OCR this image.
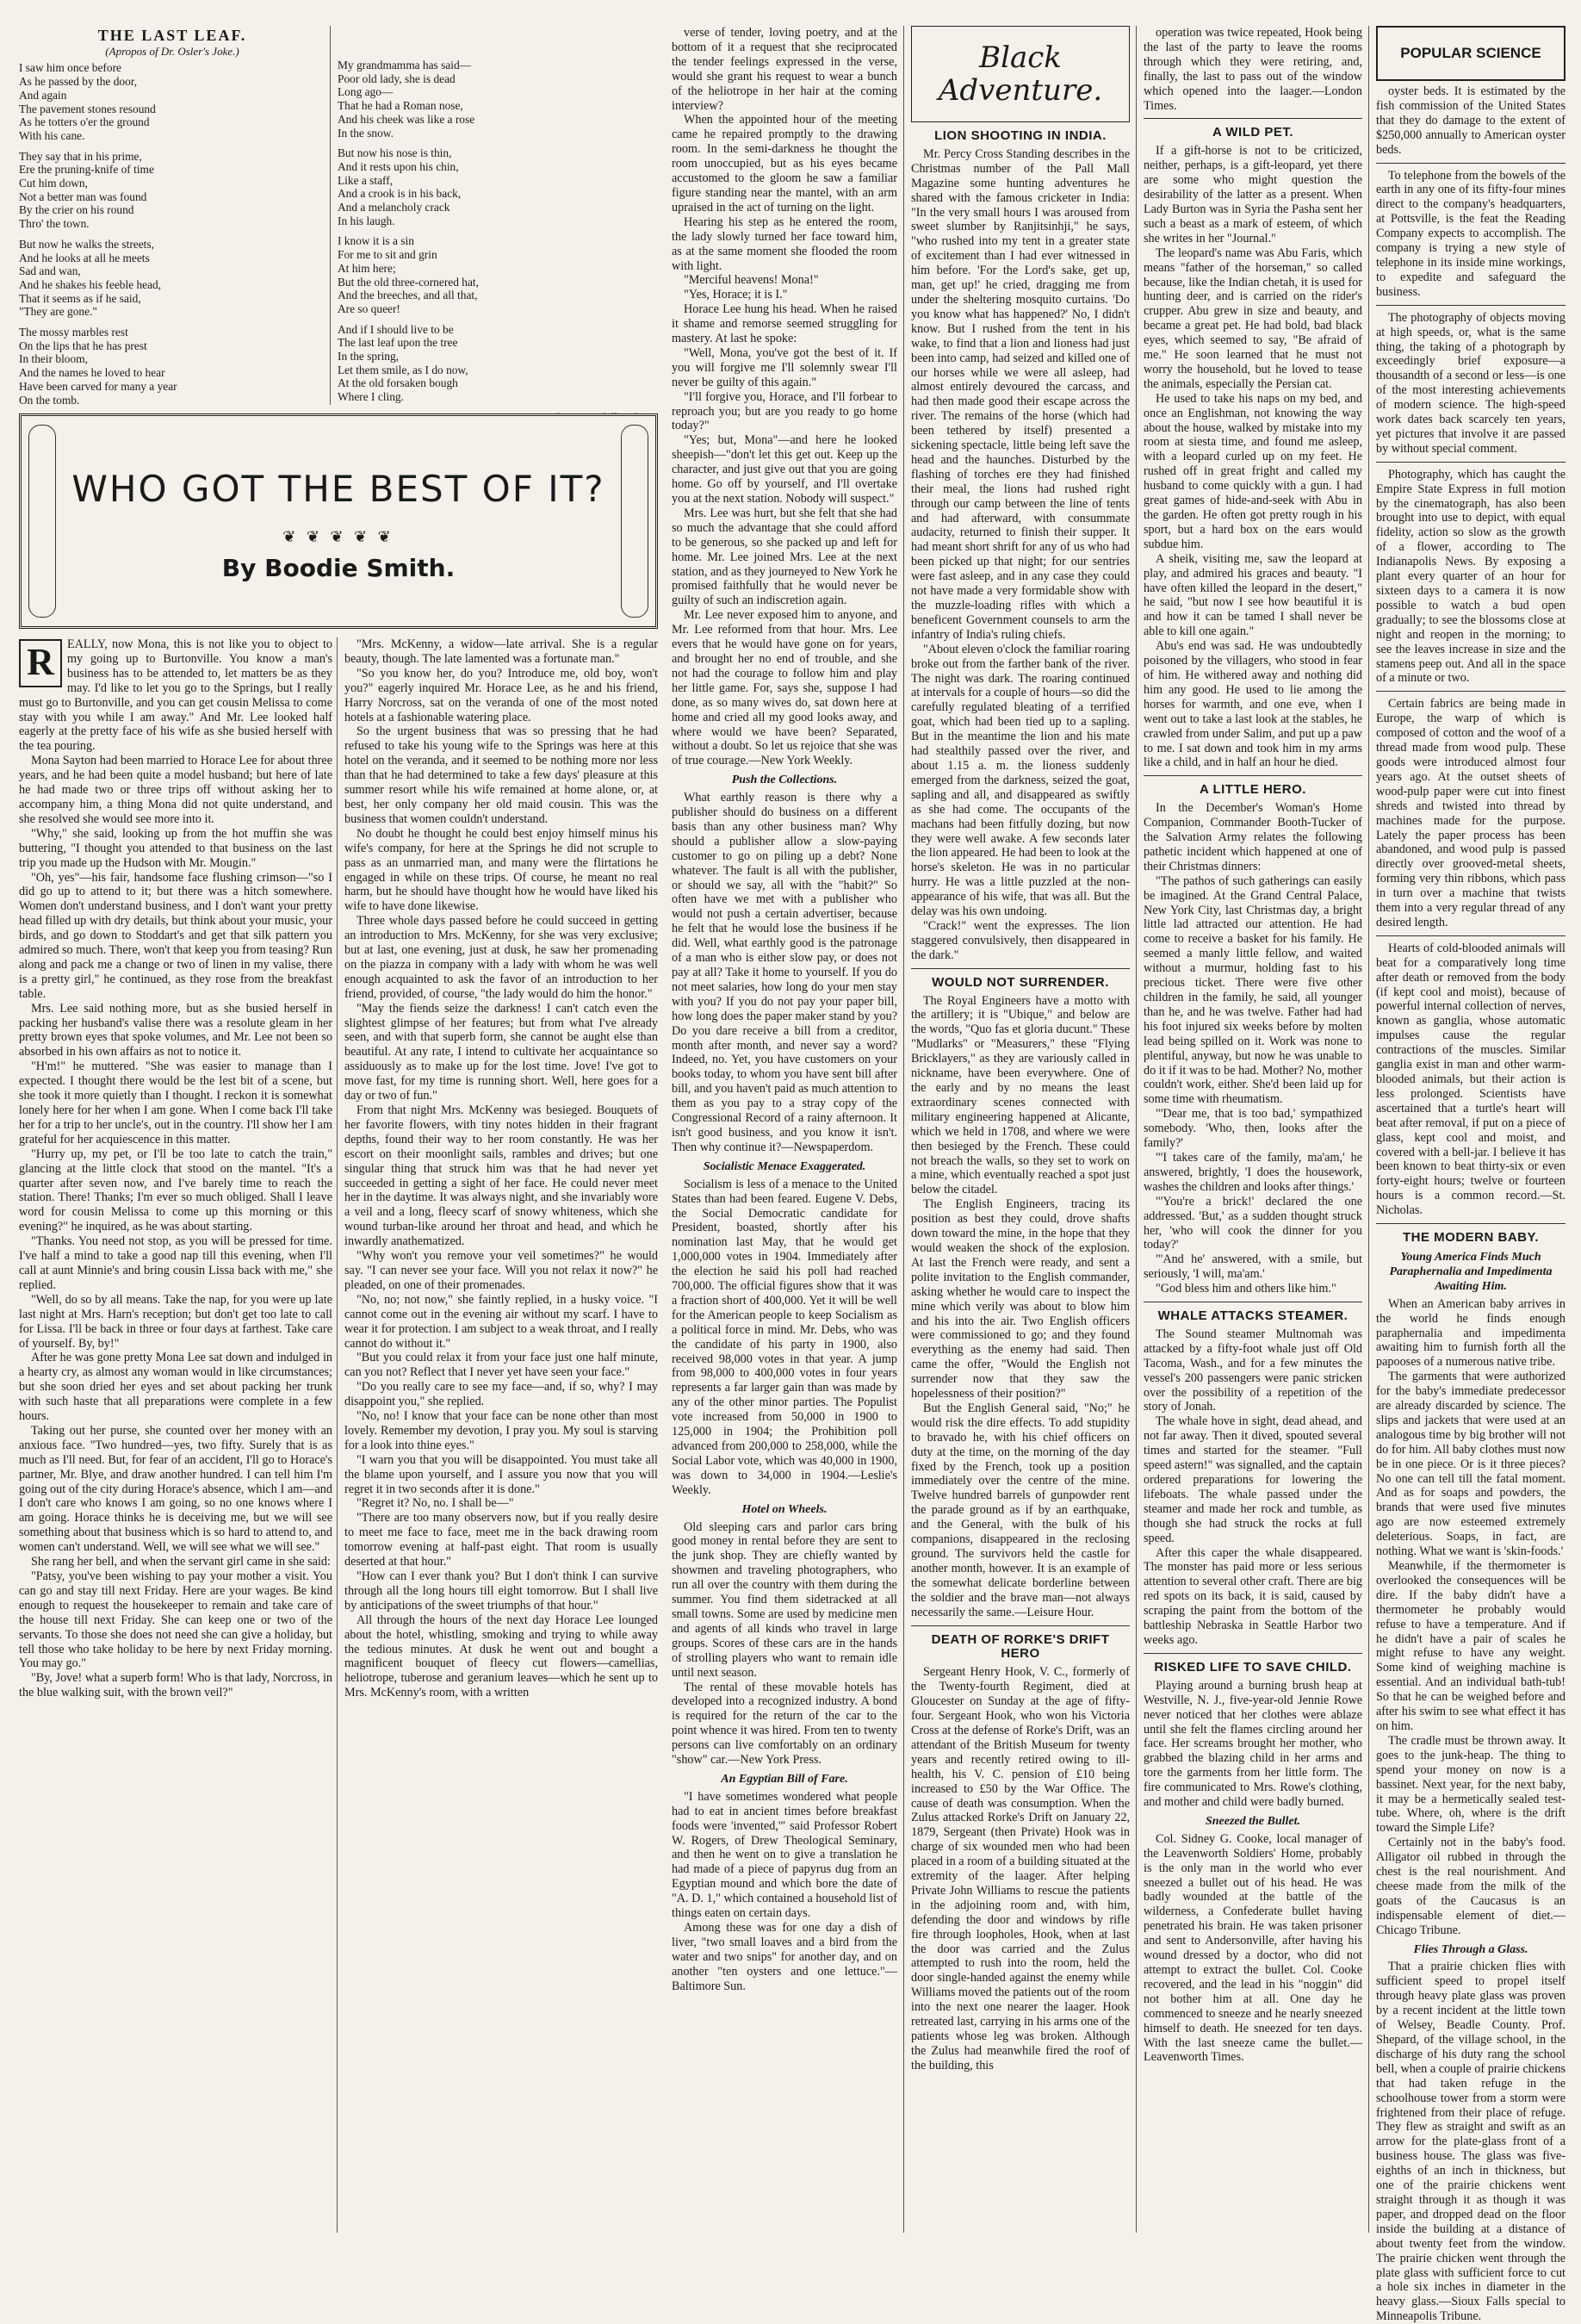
THE LAST LEAF.
(Apropos of Dr. Osler's Joke.)
I saw him once before
As he passed by the door,
And again
The pavement stones resound
As he totters o'er the ground
With his cane.
They say that in his prime,
Ere the pruning-knife of time
Cut him down,
Not a better man was found
By the crier on his round
Thro' the town.
But now he walks the streets,
And he looks at all he meets
Sad and wan,
And he shakes his feeble head,
That it seems as if he said,
"They are gone."
The mossy marbles rest
On the lips that he has prest
In their bloom,
And the names he loved to hear
Have been carved for many a year
On the tomb.
My grandmamma has said—
Poor old lady, she is dead
Long ago—
That he had a Roman nose,
And his cheek was like a rose
In the snow.
But now his nose is thin,
And it rests upon his chin,
Like a staff,
And a crook is in his back,
And a melancholy crack
In his laugh.
I know it is a sin
For me to sit and grin
At him here;
But the old three-cornered hat,
And the breeches, and all that,
Are so queer!
And if I should live to be
The last leaf upon the tree
In the spring,
Let them smile, as I do now,
At the old forsaken bough
Where I cling.
WHO GOT THE BEST OF IT?
❦ ❦ ❦ ❦ ❦
By Boodie Smith.
R	EALLY, now Mona, this is not like you to object to my going up to Burtonville. You know a man's business has to be attended to, let matters be as they may. I'd like to let you go to the Springs, but I really must go to Burtonville, and you can get cousin Melissa to come stay with you while I am away." And Mr. Lee looked half eagerly at the pretty face of his wife as she busied herself with the tea pouring.

Mona Sayton had been married to Horace Lee for about three years, and he had been quite a model husband; but here of late he had made two or three trips off without asking her to accompany him, a thing Mona did not quite understand, and she resolved she would see more into it.

"Why," she said, looking up from the hot muffin she was buttering, "I thought you attended to that business on the last trip you made up the Hudson with Mr. Mougin."

"Oh, yes"—his fair, handsome face flushing crimson—"so I did go up to attend to it; but there was a hitch somewhere. Women don't understand business, and I don't want your pretty head filled up with dry details, but think about your music, your birds, and go down to Stoddart's and get that silk pattern you admired so much. There, won't that keep you from teasing? Run along and pack me a change or two of linen in my valise, there is a pretty girl," he continued, as they rose from the breakfast table.

Mrs. Lee said nothing more, but as she busied herself in packing her husband's valise there was a resolute gleam in her pretty brown eyes that spoke volumes, and Mr. Lee not been so absorbed in his own affairs as not to notice it.

"H'm!" he muttered. "She was easier to manage than I expected. I thought there would be the lest bit of a scene, but she took it more quietly than I thought. I reckon it is somewhat lonely here for her when I am gone. When I come back I'll take her for a trip to her uncle's, out in the country. I'll show her I am grateful for her acquiescence in this matter.

"Hurry up, my pet, or I'll be too late to catch the train," glancing at the little clock that stood on the mantel. "It's a quarter after seven now, and I've barely time to reach the station. There! Thanks; I'm ever so much obliged. Shall I leave word for cousin Melissa to come up this morning or this evening?" he inquired, as he was about starting.

"Thanks. You need not stop, as you will be pressed for time. I've half a mind to take a good nap till this evening, when I'll call at aunt Minnie's and bring cousin Lissa back with me," she replied.

"Well, do so by all means. Take the nap, for you were up late last night at Mrs. Harn's reception; but don't get too late to call for Lissa. I'll be back in three or four days at farthest. Take care of yourself. By, by!"

After he was gone pretty Mona Lee sat down and indulged in a hearty cry, as almost any woman would in like circumstances; but she soon dried her eyes and set about packing her trunk with such haste that all preparations were complete in a few hours.

Taking out her purse, she counted over her money with an anxious face. "Two hundred—yes, two fifty. Surely that is as much as I'll need. But, for fear of an accident, I'll go to Horace's partner, Mr. Blye, and draw another hundred. I can tell him I'm going out of the city during Horace's absence, which I am—and I don't care who knows I am going, so no one knows where I am going. Horace thinks he is deceiving me, but we will see something about that business which is so hard to attend to, and women can't understand. Well, we will see what we will see."

She rang her bell, and when the servant girl came in she said:

"Patsy, you've been wishing to pay your mother a visit. You can go and stay till next Friday. Here are your wages. Be kind enough to request the housekeeper to remain and take care of the house till next Friday. She can keep one or two of the servants. To those she does not need she can give a holiday, but tell those who take holiday to be here by next Friday morning. You may go."

"By, Jove! what a superb form! Who is that lady, Norcross, in the blue walking suit, with the brown veil?"

"Mrs. McKenny, a widow—late arrival. She is a regular beauty, though. The late lamented was a fortunate man."

"So you know her, do you? Introduce me, old boy, won't you?" eagerly inquired Mr. Horace Lee, as he and his friend, Harry Norcross, sat on the veranda of one of the most noted hotels at a fashionable watering place.

So the urgent business that was so pressing that he had refused to take his young wife to the Springs was here at this hotel on the veranda, and it seemed to be nothing more nor less than that he had determined to take a few days' pleasure at this summer resort while his wife remained at home alone, or, at best, her only company her old maid cousin. This was the business that women couldn't understand.

No doubt he thought he could best enjoy himself minus his wife's company, for here at the Springs he did not scruple to pass as an unmarried man, and many were the flirtations he engaged in while on these trips. Of course, he meant no real harm, but he should have thought how he would have liked his wife to have done likewise.

Three whole days passed before he could succeed in getting an introduction to Mrs. McKenny, for she was very exclusive; but at last, one evening, just at dusk, he saw her promenading on the piazza in company with a lady with whom he was well enough acquainted to ask the favor of an introduction to her friend, provided, of course, "the lady would do him the honor."

"May the fiends seize the darkness! I can't catch even the slightest glimpse of her features; but from what I've already seen, and with that superb form, she cannot be aught else than beautiful. At any rate, I intend to cultivate her acquaintance so assiduously as to make up for the lost time. Jove! I've got to move fast, for my time is running short. Well, here goes for a day or two of fun."

From that night Mrs. McKenny was besieged. Bouquets of her favorite flowers, with tiny notes hidden in their fragrant depths, found their way to her room constantly. He was her escort on their moonlight sails, rambles and drives; but one singular thing that struck him was that he had never yet succeeded in getting a sight of her face. He could never meet her in the daytime. It was always night, and she invariably wore a veil and a long, fleecy scarf of snowy whiteness, which she wound turban-like around her throat and head, and which he inwardly anathematized.

"Why won't you remove your veil sometimes?" he would say. "I can never see your face. Will you not relax it now?" he pleaded, on one of their promenades.

"No, no; not now," she faintly replied, in a husky voice. "I cannot come out in the evening air without my scarf. I have to wear it for protection. I am subject to a weak throat, and I really cannot do without it."

"But you could relax it from your face just one half minute, can you not? Reflect that I never yet have seen your face."

"Do you really care to see my face—and, if so, why? I may disappoint you," she replied.

"No, no! I know that your face can be none other than most lovely. Remember my devotion, I pray you. My soul is starving for a look into thine eyes."

"I warn you that you will be disappointed. You must take all the blame upon yourself, and I assure you now that you will regret it in two seconds after it is done."

"Regret it? No, no. I shall be—"

"There are too many observers now, but if you really desire to meet me face to face, meet me in the back drawing room tomorrow evening at half-past eight. That room is usually deserted at that hour."

"How can I ever thank you? But I don't think I can survive through all the long hours till eight tomorrow. But I shall live by anticipations of the sweet triumphs of that hour."

All through the hours of the next day Horace Lee lounged about the hotel, whistling, smoking and trying to while away the tedious minutes. At dusk he went out and bought a magnificent bouquet of fleecy cut flowers—camellias, heliotrope, tuberose and geranium leaves—which he sent up to Mrs. McKenny's room, with a written

verse of tender, loving poetry, and at the bottom of it a request that she reciprocated the tender feelings expressed in the verse, would she grant his request to wear a bunch of the heliotrope in her hair at the coming interview?

When the appointed hour of the meeting came he repaired promptly to the drawing room. In the semi-darkness he thought the room unoccupied, but as his eyes became accustomed to the gloom he saw a familiar figure standing near the mantel, with an arm upraised in the act of turning on the light.

Hearing his step as he entered the room, the lady slowly turned her face toward him, as at the same moment she flooded the room with light.

"Merciful heavens! Mona!"

"Yes, Horace; it is I."

Horace Lee hung his head. When he raised it shame and remorse seemed struggling for mastery. At last he spoke:

"Well, Mona, you've got the best of it. If you will forgive me I'll solemnly swear I'll never be guilty of this again."

"I'll forgive you, Horace, and I'll forbear to reproach you; but are you ready to go home today?"

"Yes; but, Mona"—and here he looked sheepish—"don't let this get out. Keep up the character, and just give out that you are going home. Go off by yourself, and I'll overtake you at the next station. Nobody will suspect."

Mrs. Lee was hurt, but she felt that she had so much the advantage that she could afford to be generous, so she packed up and left for home. Mr. Lee joined Mrs. Lee at the next station, and as they journeyed to New York he promised faithfully that he would never be guilty of such an indiscretion again.

Mr. Lee never exposed him to anyone, and Mr. Lee reformed from that hour. Mrs. Lee evers that he would have gone on for years, and brought her no end of trouble, and she not had the courage to follow him and play her little game. For, says she, suppose I had done, as so many wives do, sat down here at home and cried all my good looks away, and where would we have been? Separated, without a doubt. So let us rejoice that she was of true courage.—New York Weekly.

Push the Collections.

What earthly reason is there why a publisher should do business on a different basis than any other business man? Why should a publisher allow a slow-paying customer to go on piling up a debt? None whatever. The fault is all with the publisher, or should we say, all with the "habit?" So often have we met with a publisher who would not push a certain advertiser, because he felt that he would lose the business if he did. Well, what earthly good is the patronage of a man who is either slow pay, or does not pay at all? Take it home to yourself. If you do not meet salaries, how long do your men stay with you? If you do not pay your paper bill, how long does the paper maker stand by you? Do you dare receive a bill from a creditor, month after month, and never say a word? Indeed, no. Yet, you have customers on your books today, to whom you have sent bill after bill, and you haven't paid as much attention to them as you pay to a stray copy of the Congressional Record of a rainy afternoon. It isn't good business, and you know it isn't. Then why continue it?—Newspaperdom.

Socialistic Menace Exaggerated.

Socialism is less of a menace to the United States than had been feared. Eugene V. Debs, the Social Democratic candidate for President, boasted, shortly after his nomination last May, that he would get 1,000,000 votes in 1904. Immediately after the election he said his poll had reached 700,000. The official figures show that it was a fraction short of 400,000. Yet it will be well for the American people to keep Socialism as a political force in mind. Mr. Debs, who was the candidate of his party in 1900, also received 98,000 votes in that year. A jump from 98,000 to 400,000 votes in four years represents a far larger gain than was made by any of the other minor parties. The Populist vote increased from 50,000 in 1900 to 125,000 in 1904; the Prohibition poll advanced from 200,000 to 258,000, while the Social Labor vote, which was 40,000 in 1900, was down to 34,000 in 1904.—Leslie's Weekly.

Hotel on Wheels.

Old sleeping cars and parlor cars bring good money in rental before they are sent to the junk shop. They are chiefly wanted by showmen and traveling photographers, who run all over the country with them during the summer. You find them sidetracked at all small towns. Some are used by medicine men and agents of all kinds who travel in large groups. Scores of these cars are in the hands of strolling players who want to remain idle until next season.

The rental of these movable hotels has developed into a recognized industry. A bond is required for the return of the car to the point whence it was hired. From ten to twenty persons can live comfortably on an ordinary "show" car.—New York Press.

An Egyptian Bill of Fare.

"I have sometimes wondered what people had to eat in ancient times before breakfast foods were 'invented,'" said Professor Robert W. Rogers, of Drew Theological Seminary, and then he went on to give a translation he had made of a piece of papyrus dug from an Egyptian mound and which bore the date of "A. D. 1," which contained a household list of things eaten on certain days.

Among these was for one day a dish of liver, "two small loaves and a bird from the water and two snips" for another day, and on another "ten oysters and one lettuce."—Baltimore Sun.

Black
Adventure.
LION SHOOTING IN INDIA.

Mr. Percy Cross Standing describes in the Christmas number of the Pall Mall Magazine some hunting adventures he shared with the famous cricketer in India: "In the very small hours I was aroused from sweet slumber by Ranjitsinhji," he says, "who rushed into my tent in a greater state of excitement than I had ever witnessed in him before. 'For the Lord's sake, get up, man, get up!' he cried, dragging me from under the sheltering mosquito curtains. 'Do you know what has happened?' No, I didn't know. But I rushed from the tent in his wake, to find that a lion and lioness had just been into camp, had seized and killed one of our horses while we were all asleep, had almost entirely devoured the carcass, and had then made good their escape across the river. The remains of the horse (which had been tethered by itself) presented a sickening spectacle, little being left save the head and the haunches. Disturbed by the flashing of torches ere they had finished their meal, the lions had rushed right through our camp between the line of tents and had afterward, with consummate audacity, returned to finish their supper. It had meant short shrift for any of us who had been picked up that night; for our sentries were fast asleep, and in any case they could not have made a very formidable show with the muzzle-loading rifles with which a beneficent Government counsels to arm the infantry of India's ruling chiefs.

"About eleven o'clock the familiar roaring broke out from the farther bank of the river. The night was dark. The roaring continued at intervals for a couple of hours—so did the carefully regulated bleating of a terrified goat, which had been tied up to a sapling. But in the meantime the lion and his mate had stealthily passed over the river, and about 1.15 a. m. the lioness suddenly emerged from the darkness, seized the goat, sapling and all, and disappeared as swiftly as she had come. The occupants of the machans had been fitfully dozing, but now they were well awake. A few seconds later the lion appeared. He had been to look at the horse's skeleton. He was in no particular hurry. He was a little puzzled at the non-appearance of his wife, that was all. But the delay was his own undoing.

"Crack!" went the expresses. The lion staggered convulsively, then disappeared in the dark."

WOULD NOT SURRENDER.

The Royal Engineers have a motto with the artillery; it is "Ubique," and below are the words, "Quo fas et gloria ducunt." These "Mudlarks" or "Measurers," these "Flying Bricklayers," as they are variously called in nickname, have been everywhere. One of the early and by no means the least extraordinary scenes connected with military engineering happened at Alicante, which we held in 1708, and where we were then besieged by the French. These could not breach the walls, so they set to work on a mine, which eventually reached a spot just below the citadel.

The English Engineers, tracing its position as best they could, drove shafts down toward the mine, in the hope that they would weaken the shock of the explosion. At last the French were ready, and sent a polite invitation to the English commander, asking whether he would care to inspect the mine which verily was about to blow him and his into the air. Two English officers were commissioned to go; and they found everything as the enemy had said. Then came the offer, "Would the English not surrender now that they saw the hopelessness of their position?"

But the English General said, "No;" he would risk the dire effects. To add stupidity to bravado he, with his chief officers on duty at the time, on the morning of the day fixed by the French, took up a position immediately over the centre of the mine. Twelve hundred barrels of gunpowder rent the parade ground as if by an earthquake, and the General, with the bulk of his companions, disappeared in the reclosing ground. The survivors held the castle for another month, however. It is an example of the somewhat delicate borderline between the soldier and the brave man—not always necessarily the same.—Leisure Hour.

DEATH OF RORKE'S DRIFT HERO

Sergeant Henry Hook, V. C., formerly of the Twenty-fourth Regiment, died at Gloucester on Sunday at the age of fifty-four. Sergeant Hook, who won his Victoria Cross at the defense of Rorke's Drift, was an attendant of the British Museum for twenty years and recently retired owing to ill-health, his V. C. pension of £10 being increased to £50 by the War Office. The cause of death was consumption. When the Zulus attacked Rorke's Drift on January 22, 1879, Sergeant (then Private) Hook was in charge of six wounded men who had been placed in a room of a building situated at the extremity of the laager. After helping Private John Williams to rescue the patients in the adjoining room and, with him, defending the door and windows by rifle fire through loopholes, Hook, when at last the door was carried and the Zulus attempted to rush into the room, held the door single-handed against the enemy while Williams moved the patients out of the room into the next one nearer the laager. Hook retreated last, carrying in his arms one of the patients whose leg was broken. Although the Zulus had meanwhile fired the roof of the building, this

operation was twice repeated, Hook being the last of the party to leave the rooms through which they were retiring, and, finally, the last to pass out of the window which opened into the laager.—London Times.

A WILD PET.

If a gift-horse is not to be criticized, neither, perhaps, is a gift-leopard, yet there are some who might question the desirability of the latter as a present. When Lady Burton was in Syria the Pasha sent her such a beast as a mark of esteem, of which she writes in her "Journal."

The leopard's name was Abu Faris, which means "father of the horseman," so called because, like the Indian chetah, it is used for hunting deer, and is carried on the rider's crupper. Abu grew in size and beauty, and became a great pet. He had bold, bad black eyes, which seemed to say, "Be afraid of me." He soon learned that he must not worry the household, but he loved to tease the animals, especially the Persian cat.

He used to take his naps on my bed, and once an Englishman, not knowing the way about the house, walked by mistake into my room at siesta time, and found me asleep, with a leopard curled up on my feet. He rushed off in great fright and called my husband to come quickly with a gun. I had great games of hide-and-seek with Abu in the garden. He often got pretty rough in his sport, but a hard box on the ears would subdue him.

A sheik, visiting me, saw the leopard at play, and admired his graces and beauty. "I have often killed the leopard in the desert," he said, "but now I see how beautiful it is and how it can be tamed I shall never be able to kill one again."

Abu's end was sad. He was undoubtedly poisoned by the villagers, who stood in fear of him. He withered away and nothing did him any good. He used to lie among the horses for warmth, and one eve, when I went out to take a last look at the stables, he crawled from under Salim, and put up a paw to me. I sat down and took him in my arms like a child, and in half an hour he died.

A LITTLE HERO.

In the December's Woman's Home Companion, Commander Booth-Tucker of the Salvation Army relates the following pathetic incident which happened at one of their Christmas dinners:

"The pathos of such gatherings can easily be imagined. At the Grand Central Palace, New York City, last Christmas day, a bright little lad attracted our attention. He had come to receive a basket for his family. He seemed a manly little fellow, and waited without a murmur, holding fast to his precious ticket. There were five other children in the family, he said, all younger than he, and he was twelve. Father had had his foot injured six weeks before by molten lead being spilled on it. Work was none to plentiful, anyway, but now he was unable to do it if it was to be had. Mother? No, mother couldn't work, either. She'd been laid up for some time with rheumatism.

"'Dear me, that is too bad,' sympathized somebody. 'Who, then, looks after the family?'

"'I takes care of the family, ma'am,' he answered, brightly, 'I does the housework, washes the children and looks after things.'

"'You're a brick!' declared the one addressed. 'But,' as a sudden thought struck her, 'who will cook the dinner for you today?'

"'And he' answered, with a smile, but seriously, 'I will, ma'am.'

"God bless him and others like him."

WHALE ATTACKS STEAMER.

The Sound steamer Multnomah was attacked by a fifty-foot whale just off Old Tacoma, Wash., and for a few minutes the vessel's 200 passengers were panic stricken over the possibility of a repetition of the story of Jonah.

The whale hove in sight, dead ahead, and not far away. Then it dived, spouted several times and started for the steamer. "Full speed astern!" was signalled, and the captain ordered preparations for lowering the lifeboats. The whale passed under the steamer and made her rock and tumble, as though she had struck the rocks at full speed.

After this caper the whale disappeared. The monster has paid more or less serious attention to several other craft. There are big red spots on its back, it is said, caused by scraping the paint from the bottom of the battleship Nebraska in Seattle Harbor two weeks ago.

RISKED LIFE TO SAVE CHILD.

Playing around a burning brush heap at Westville, N. J., five-year-old Jennie Rowe never noticed that her clothes were ablaze until she felt the flames circling around her face. Her screams brought her mother, who grabbed the blazing child in her arms and tore the garments from her little form. The fire communicated to Mrs. Rowe's clothing, and mother and child were badly burned.

Sneezed the Bullet.

Col. Sidney G. Cooke, local manager of the Leavenworth Soldiers' Home, probably is the only man in the world who ever sneezed a bullet out of his head. He was badly wounded at the battle of the wilderness, a Confederate bullet having penetrated his brain. He was taken prisoner and sent to Andersonville, after having his wound dressed by a doctor, who did not attempt to extract the bullet. Col. Cooke recovered, and the lead in his "noggin" did not bother him at all. One day he commenced to sneeze and he nearly sneezed himself to death. He sneezed for ten days. With the last sneeze came the bullet.—Leavenworth Times.

POPULAR SCIENCE

oyster beds. It is estimated by the fish commission of the United States that they do damage to the extent of $250,000 annually to American oyster beds.

To telephone from the bowels of the earth in any one of its fifty-four mines direct to the company's headquarters, at Pottsville, is the feat the Reading Company expects to accomplish. The company is trying a new style of telephone in its inside mine workings, to expedite and safeguard the business.

The photography of objects moving at high speeds, or, what is the same thing, the taking of a photograph by exceedingly brief exposure—a thousandth of a second or less—is one of the most interesting achievements of modern science. The high-speed work dates back scarcely ten years, yet pictures that involve it are passed by without special comment.

Photography, which has caught the Empire State Express in full motion by the cinematograph, has also been brought into use to depict, with equal fidelity, action so slow as the growth of a flower, according to The Indianapolis News. By exposing a plant every quarter of an hour for sixteen days to a camera it is now possible to watch a bud open gradually; to see the blossoms close at night and reopen in the morning; to see the leaves increase in size and the stamens peep out. And all in the space of a minute or two.

Certain fabrics are being made in Europe, the warp of which is composed of cotton and the woof of a thread made from wood pulp. These goods were introduced almost four years ago. At the outset sheets of wood-pulp paper were cut into finest shreds and twisted into thread by machines made for the purpose. Lately the paper process has been abandoned, and wood pulp is passed directly over grooved-metal sheets, forming very thin ribbons, which pass in turn over a machine that twists them into a very regular thread of any desired length.

Hearts of cold-blooded animals will beat for a comparatively long time after death or removed from the body (if kept cool and moist), because of powerful internal collection of nerves, known as ganglia, whose automatic impulses cause the regular contractions of the muscles. Similar ganglia exist in man and other warm-blooded animals, but their action is less prolonged. Scientists have ascertained that a turtle's heart will beat after removal, if put on a piece of glass, kept cool and moist, and covered with a bell-jar. I believe it has been known to beat thirty-six or even forty-eight hours; twelve or fourteen hours is a common record.—St. Nicholas.

THE MODERN BABY.
Young America Finds Much Paraphernalia and Impedimenta Awaiting Him.

When an American baby arrives in the world he finds enough paraphernalia and impedimenta awaiting him to furnish forth all the papooses of a numerous native tribe.

The garments that were authorized for the baby's immediate predecessor are already discarded by science. The slips and jackets that were used at an analogous time by big brother will not do for him. All baby clothes must now be in one piece. Or is it three pieces? No one can tell till the fatal moment. And as for soaps and powders, the brands that were used five minutes ago are now esteemed extremely deleterious. Soaps, in fact, are nothing. What we want is 'skin-foods.'

Meanwhile, if the thermometer is overlooked the consequences will be dire. If the baby didn't have a thermometer he probably would refuse to have a temperature. And if he didn't have a pair of scales he might refuse to have any weight. Some kind of weighing machine is essential. And an individual bath-tub! So that he can be weighed before and after his swim to see what effect it has on him.

The cradle must be thrown away. It goes to the junk-heap. The thing to spend your money on now is a bassinet. Next year, for the next baby, it may be a hermetically sealed test-tube. Where, oh, where is the drift toward the Simple Life?

Certainly not in the baby's food. Alligator oil rubbed in through the chest is the real nourishment. And cheese made from the milk of the goats of the Caucasus is an indispensable element of diet.—Chicago Tribune.

Flies Through a Glass.

That a prairie chicken flies with sufficient speed to propel itself through heavy plate glass was proven by a recent incident at the little town of Welsey, Beadle County. Prof. Shepard, of the village school, in the discharge of his duty rang the school bell, when a couple of prairie chickens that had taken refuge in the schoolhouse tower from a storm were frightened from their place of refuge. They flew as straight and swift as an arrow for the plate-glass front of a business house. The glass was five-eighths of an inch in thickness, but one of the prairie chickens went straight through it as though it was paper, and dropped dead on the floor inside the building at a distance of about twenty feet from the window. The prairie chicken went through the plate glass with sufficient force to cut a hole six inches in diameter in the heavy glass.—Sioux Falls special to Minneapolis Tribune.
